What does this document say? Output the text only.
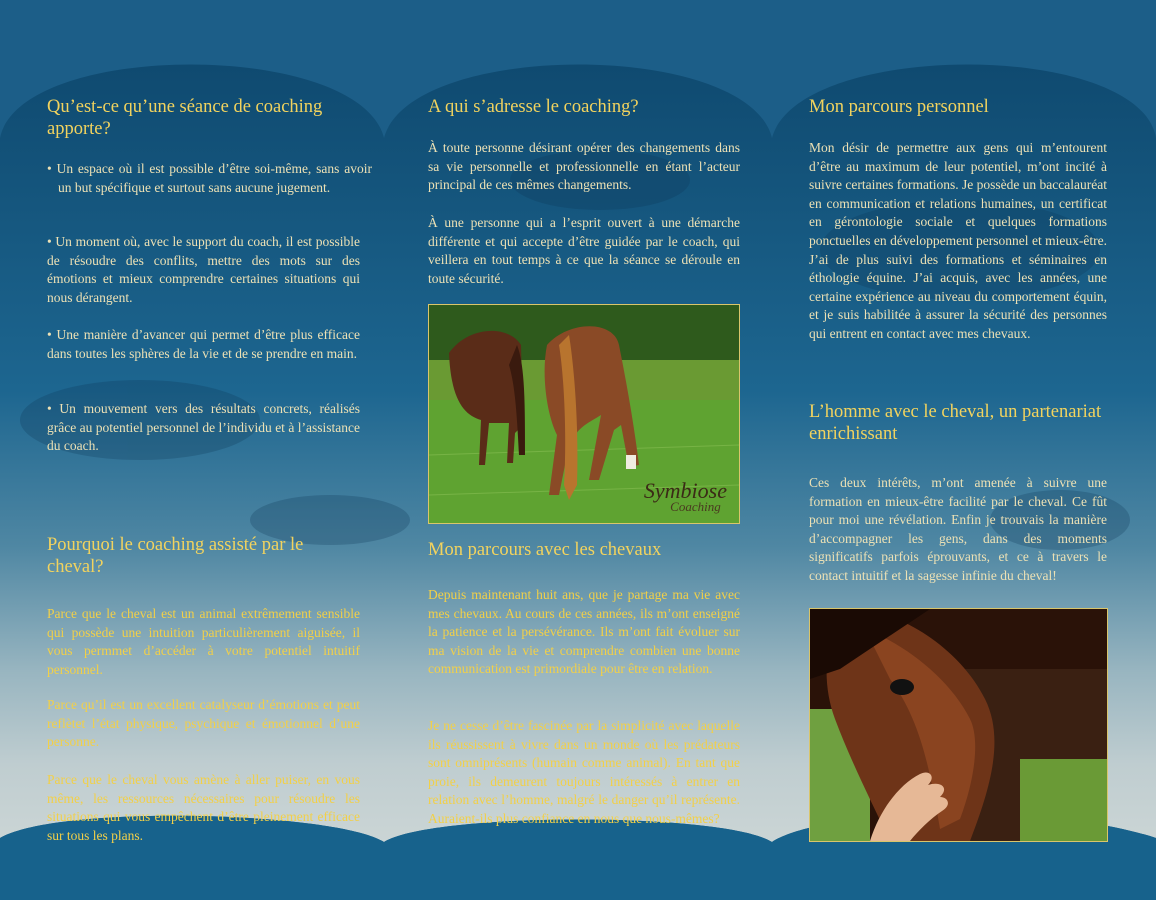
Qu’est-ce qu’une séance de coaching apporte?

• Un espace où il est possible d’être soi-même, sans avoir un but spécifique et surtout sans aucune jugement.

• Un moment où, avec le support du coach, il est possible de résoudre des conflits, mettre des mots sur des émotions et mieux comprendre certaines situations qui nous dérangent.

• Une manière d’avancer qui permet d’être plus efficace dans toutes les sphères de la vie et de se prendre en main.

• Un mouvement vers des résultats concrets, réalisés grâce au potentiel personnel de l’individu et à l’assistance du coach.

Pourquoi le coaching assisté par le cheval?

Parce que le cheval est un animal extrêmement sensible qui possède une intuition particulièrement aiguisée, il vous permmet d’accéder à votre potentiel intuitif personnel.

Parce qu’il est un excellent catalyseur d’émotions et peut reflètet l’état physique, psychique et émotionnel d’une personne.

Parce que le cheval vous amène à aller puiser, en vous même, les ressources nécessaires pour résoudre les situations qui vous empêchent d’être pleinement efficace sur tous les plans.

A qui s’adresse le coaching?

À toute personne désirant opérer des changements dans sa vie personnelle et professionnelle en étant l’acteur principal de ces mêmes changements.

À une personne qui a l’esprit ouvert à une démarche différente et qui accepte d’être guidée par le coach, qui veillera en tout temps à ce que la séance se déroule en toute sécurité.

Symbiose
Coaching
Mon parcours avec les chevaux

Depuis maintenant huit ans, que je partage ma vie avec mes chevaux. Au cours de ces années, ils m’ont enseigné la patience et la persévérance. Ils m’ont fait évoluer sur ma vision de la vie et comprendre combien une bonne communication est primordiale pour être en relation.

Je ne cesse d’être fascinée par la simplicité avec laquelle ils réussissent à vivre dans un monde où les prédateurs sont omniprésents (humain comme animal). En tant que proie, ils demeurent toujours intéressés à entrer en relation avec l’homme, malgré le danger qu’il représente. Auraient-ils plus confiance en nous que nous-mêmes?

Mon parcours personnel

Mon désir de permettre aux gens qui m’entourent d’être au maximum de leur potentiel, m’ont incité à suivre certaines formations. Je possède un baccalauréat en communication et relations humaines, un certificat en gérontologie sociale et quelques formations ponctuelles en développement personnel et mieux-être. J’ai de plus suivi des formations et séminaires en éthologie équine. J’ai acquis, avec les années, une certaine expérience au niveau du comportement équin, et je suis habilitée à assurer la sécurité des personnes qui entrent en contact avec mes chevaux.

L’homme avec le cheval, un partenariat enrichissant

Ces deux intérêts, m’ont amenée à suivre une formation en mieux-être facilité par le cheval. Ce fût pour moi une révélation. Enfin je trouvais la manière d’accompagner les gens, dans des moments significatifs parfois éprouvants, et ce à travers le contact intuitif et la sagesse infinie du cheval!
